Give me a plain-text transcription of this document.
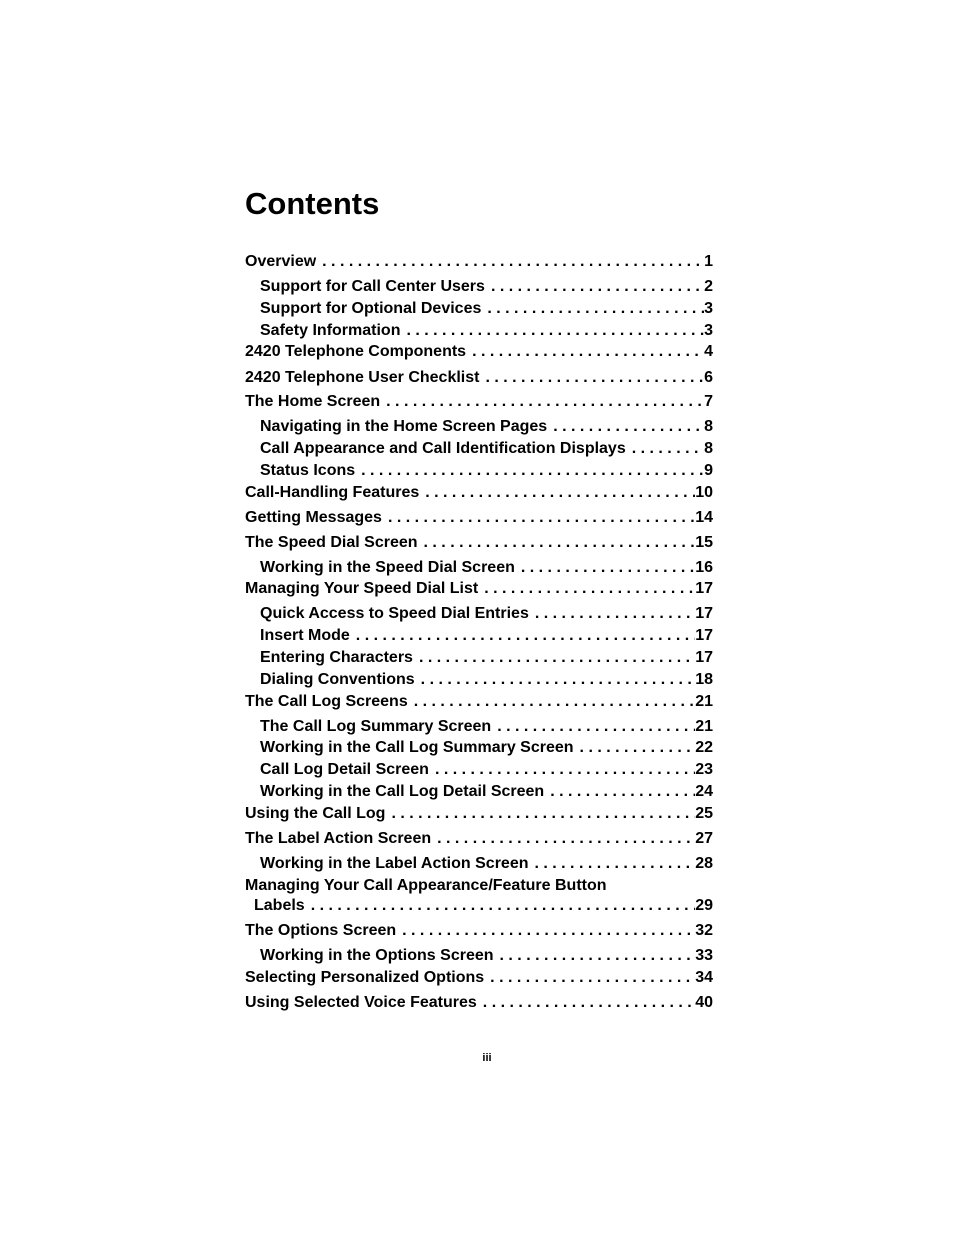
Contents
Overview . . .	1
Support for Call Center Users . . .	2
Support for Optional Devices . . .	3
Safety Information . . .	3
2420 Telephone Components . . .	4
2420 Telephone User Checklist . . .	6
The Home Screen . . .	7
Navigating in the Home Screen Pages . . .	8
Call Appearance and Call Identification Displays . . .	8
Status Icons . . .	9
Call-Handling Features . . .	10
Getting Messages . . .	14
The Speed Dial Screen . . .	15
Working in the Speed Dial Screen . . .	16
Managing Your Speed Dial List . . .	17
Quick Access to Speed Dial Entries . . .	17
Insert Mode . . .	17
Entering Characters . . .	17
Dialing Conventions . . .	18
The Call Log Screens . . .	21
The Call Log Summary Screen . . .	21
Working in the Call Log Summary Screen . . .	22
Call Log Detail Screen . . .	23
Working in the Call Log Detail Screen . . .	24
Using the Call Log . . .	25
The Label Action Screen . . .	27
Working in the Label Action Screen . . .	28
Managing Your Call Appearance/Feature Button
Labels . . .	29
The Options Screen . . .	32
Working in the Options Screen . . .	33
Selecting Personalized Options . . .	34
Using Selected Voice Features . . .	40
iii
